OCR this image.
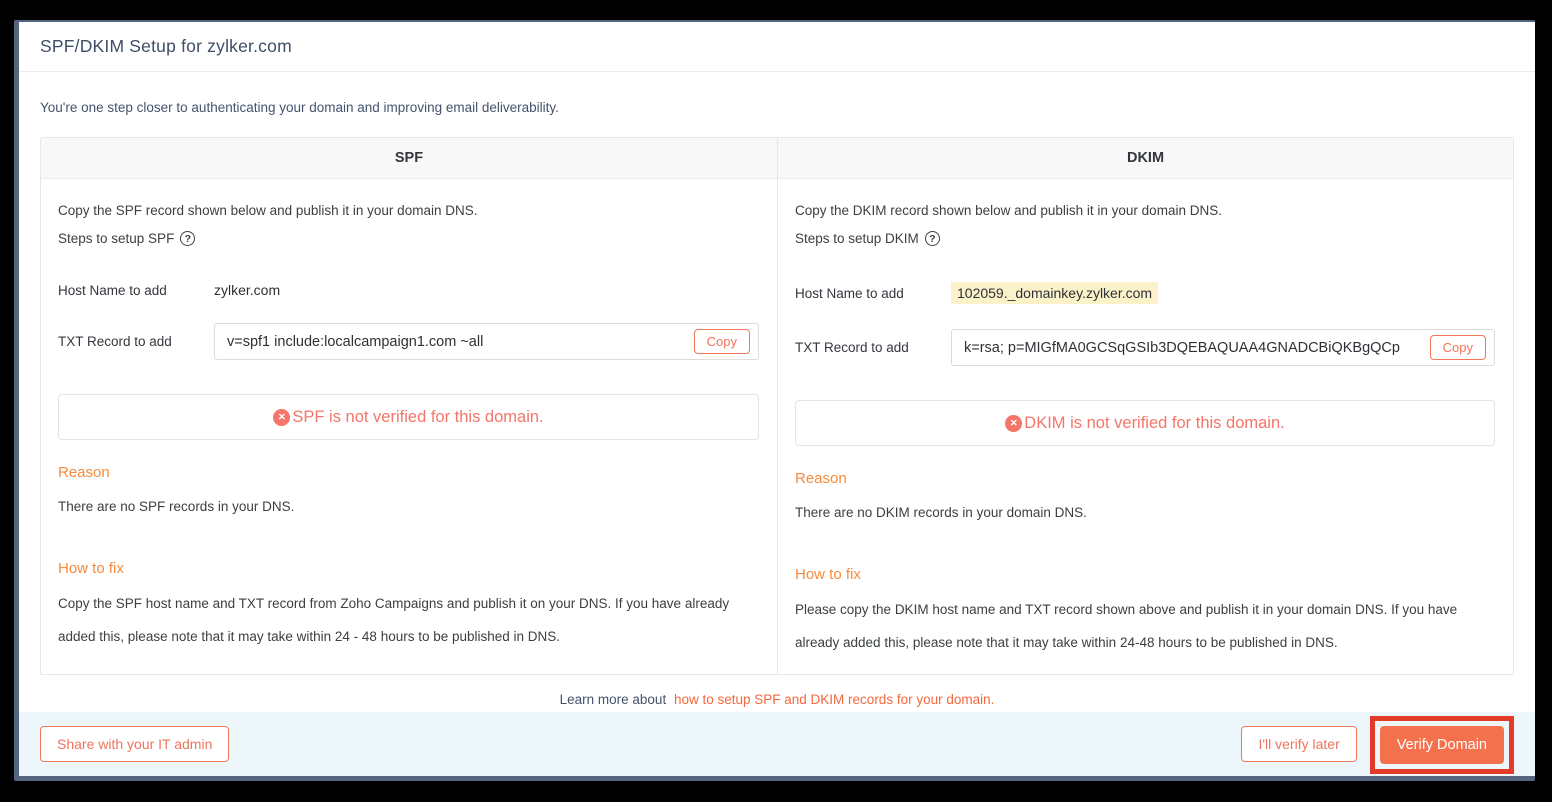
SPF/DKIM Setup for zylker.com

You're one step closer to authenticating your domain and improving email deliverability.

SPF

Copy the SPF record shown below and publish it in your domain DNS.

Steps to setup SPF ?

Host Name to add	zylker.com
TXT Record to add	v=spf1 include:localcampaign1.com ~all	Copy
✕ SPF is not verified for this domain.
Reason

There are no SPF records in your DNS.

How to fix

Copy the SPF host name and TXT record from Zoho Campaigns and publish it on your DNS. If you have already added this, please note that it may take within 24 - 48 hours to be published in DNS.

DKIM

Copy the DKIM record shown below and publish it in your domain DNS.

Steps to setup DKIM ?

Host Name to add	102059._domainkey.zylker.com
TXT Record to add	k=rsa; p=MIGfMA0GCSqGSIb3DQEBAQUAA4GNADCBiQKBgQCp	Copy
✕ DKIM is not verified for this domain.
Reason

There are no DKIM records in your domain DNS.

How to fix

Please copy the DKIM host name and TXT record shown above and publish it in your domain DNS. If you have already added this, please note that it may take within 24-48 hours to be published in DNS.

Learn more about how to setup SPF and DKIM records for your domain.

Share with your IT admin	I'll verify later	Verify Domain
